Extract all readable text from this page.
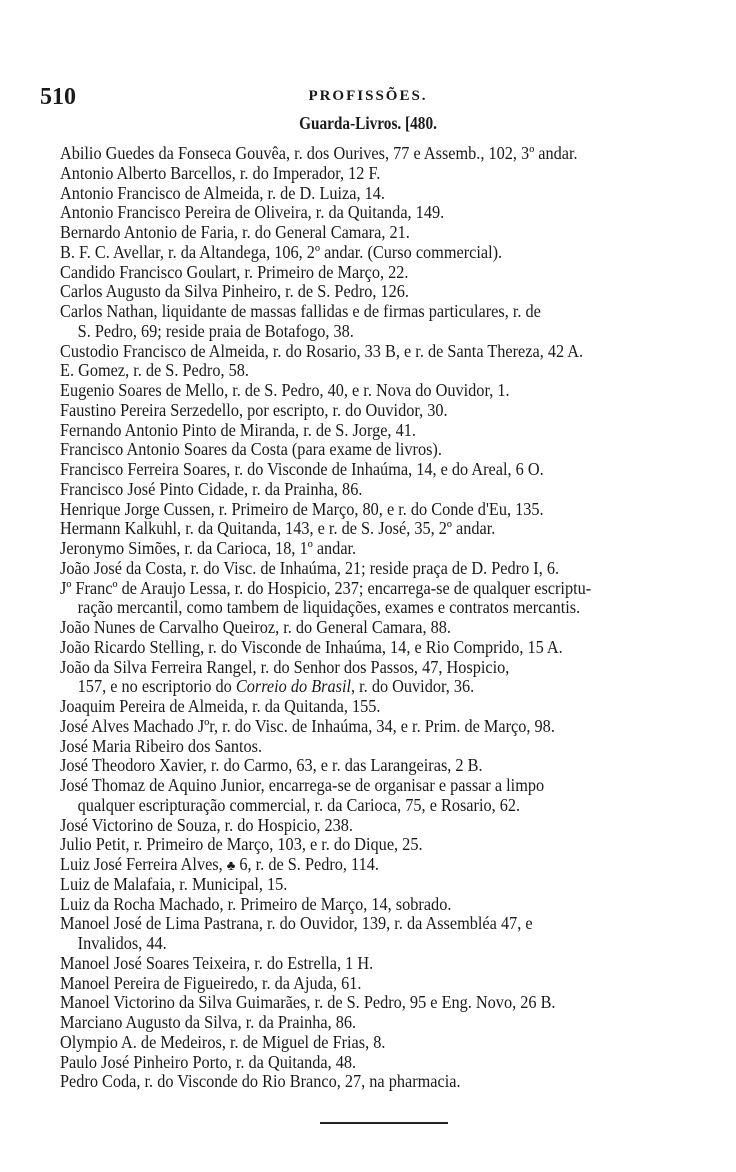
510	PROFISSÕES.
Guarda-Livros. [480.
Abilio Guedes da Fonseca Gouvêa, r. dos Ourives, 77 e Assemb., 102, 3º andar.
Antonio Alberto Barcellos, r. do Imperador, 12 F.
Antonio Francisco de Almeida, r. de D. Luiza, 14.
Antonio Francisco Pereira de Oliveira, r. da Quitanda, 149.
Bernardo Antonio de Faria, r. do General Camara, 21.
B. F. C. Avellar, r. da Altandega, 106, 2º andar. (Curso commercial).
Candido Francisco Goulart, r. Primeiro de Março, 22.
Carlos Augusto da Silva Pinheiro, r. de S. Pedro, 126.
Carlos Nathan, liquidante de massas fallidas e de firmas particulares, r. de
S. Pedro, 69; reside praia de Botafogo, 38.
Custodio Francisco de Almeida, r. do Rosario, 33 B, e r. de Santa Thereza, 42 A.
E. Gomez, r. de S. Pedro, 58.
Eugenio Soares de Mello, r. de S. Pedro, 40, e r. Nova do Ouvidor, 1.
Faustino Pereira Serzedello, por escripto, r. do Ouvidor, 30.
Fernando Antonio Pinto de Miranda, r. de S. Jorge, 41.
Francisco Antonio Soares da Costa (para exame de livros).
Francisco Ferreira Soares, r. do Visconde de Inhaúma, 14, e do Areal, 6 O.
Francisco José Pinto Cidade, r. da Prainha, 86.
Henrique Jorge Cussen, r. Primeiro de Março, 80, e r. do Conde d'Eu, 135.
Hermann Kalkuhl, r. da Quitanda, 143, e r. de S. José, 35, 2º andar.
Jeronymo Simões, r. da Carioca, 18, 1º andar.
João José da Costa, r. do Visc. de Inhaúma, 21; reside praça de D. Pedro I, 6.
Jº Francº de Araujo Lessa, r. do Hospicio, 237; encarrega-se de qualquer escriptu-
ração mercantil, como tambem de liquidações, exames e contratos mercantis.
João Nunes de Carvalho Queiroz, r. do General Camara, 88.
João Ricardo Stelling, r. do Visconde de Inhaúma, 14, e Rio Comprido, 15 A.
João da Silva Ferreira Rangel, r. do Senhor dos Passos, 47, Hospicio,
157, e no escriptorio do Correio do Brasil, r. do Ouvidor, 36.
Joaquim Pereira de Almeida, r. da Quitanda, 155.
José Alves Machado Jºr, r. do Visc. de Inhaúma, 34, e r. Prim. de Março, 98.
José Maria Ribeiro dos Santos.
José Theodoro Xavier, r. do Carmo, 63, e r. das Larangeiras, 2 B.
José Thomaz de Aquino Junior, encarrega-se de organisar e passar a limpo
qualquer escripturação commercial, r. da Carioca, 75, e Rosario, 62.
José Victorino de Souza, r. do Hospicio, 238.
Julio Petit, r. Primeiro de Março, 103, e r. do Dique, 25.
Luiz José Ferreira Alves, ♣ 6, r. de S. Pedro, 114.
Luiz de Malafaia, r. Municipal, 15.
Luiz da Rocha Machado, r. Primeiro de Março, 14, sobrado.
Manoel José de Lima Pastrana, r. do Ouvidor, 139, r. da Assembléa 47, e
Invalidos, 44.
Manoel José Soares Teixeira, r. do Estrella, 1 H.
Manoel Pereira de Figueiredo, r. da Ajuda, 61.
Manoel Victorino da Silva Guimarães, r. de S. Pedro, 95 e Eng. Novo, 26 B.
Marciano Augusto da Silva, r. da Prainha, 86.
Olympio A. de Medeiros, r. de Miguel de Frias, 8.
Paulo José Pinheiro Porto, r. da Quitanda, 48.
Pedro Coda, r. do Visconde do Rio Branco, 27, na pharmacia.
